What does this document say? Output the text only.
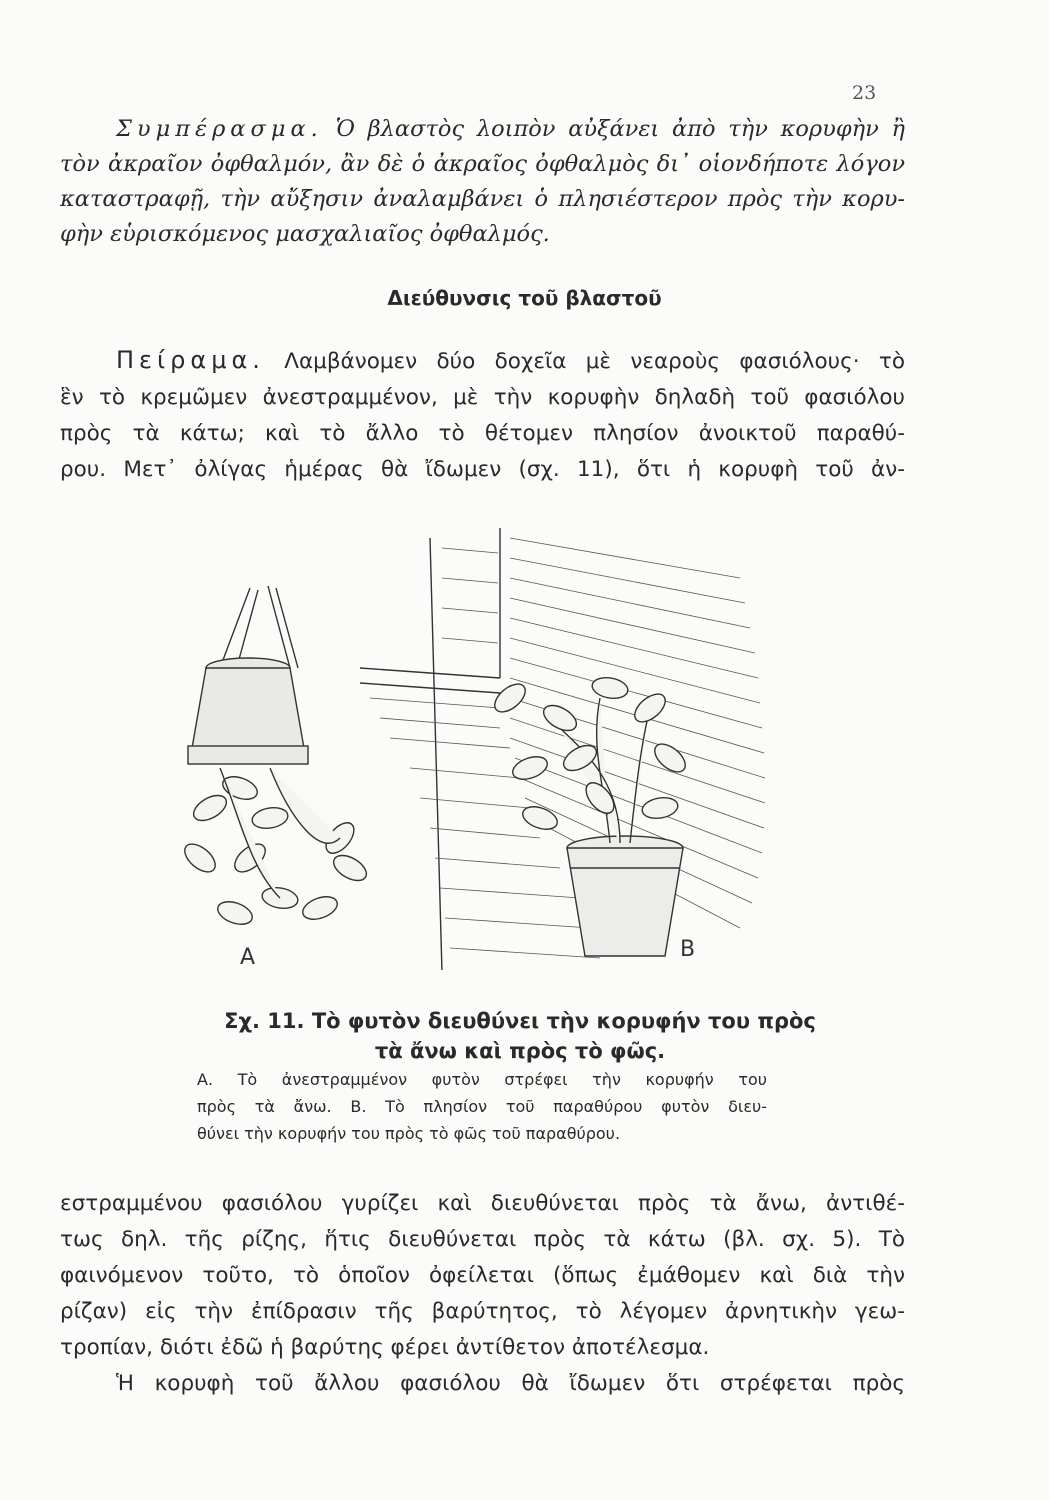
23
Συμπέρασμα. Ὁ βλαστὸς λοιπὸν αὐξάνει ἀπὸ τὴν κορυφὴν ἢ
τὸν ἀκραῖον ὀφθαλμόν, ἂν δὲ ὁ ἀκραῖος ὀφθαλμὸς δι᾽ οἱονδήποτε λόγον
καταστραφῇ, τὴν αὔξησιν ἀναλαμβάνει ὁ πλησιέστερον πρὸς τὴν κορυ-
φὴν εὑρισκόμενος μασχαλιαῖος ὀφθαλμός.
Διεύθυνσις τοῦ βλαστοῦ
Πείραμα. Λαμβάνομεν δύο δοχεῖα μὲ νεαροὺς φασιόλους· τὸ
ἓν τὸ κρεμῶμεν ἀνεστραμμένον, μὲ τὴν κορυφὴν δηλαδὴ τοῦ φασιόλου
πρὸς τὰ κάτω; καὶ τὸ ἄλλο τὸ θέτομεν πλησίον ἀνοικτοῦ παραθύ-
ρου. Μετ᾽ ὀλίγας ἡμέρας θὰ ἴδωμεν (σχ. 11), ὅτι ἡ κορυφὴ τοῦ ἀν-
A	B
Σχ. 11. Τὸ φυτὸν διευθύνει τὴν κορυφήν του πρὸς
τὰ ἄνω καὶ πρὸς τὸ φῶς.
Α. Τὸ ἀνεστραμμένον φυτὸν στρέφει τὴν κορυφήν του
πρὸς τὰ ἄνω. Β. Τὸ πλησίον τοῦ παραθύρου φυτὸν διευ-
θύνει τὴν κορυφήν του πρὸς τὸ φῶς τοῦ παραθύρου.
εστραμμένου φασιόλου γυρίζει καὶ διευθύνεται πρὸς τὰ ἄνω, ἀντιθέ-
τως δηλ. τῆς ρίζης, ἥτις διευθύνεται πρὸς τὰ κάτω (βλ. σχ. 5). Τὸ
φαινόμενον τοῦτο, τὸ ὁποῖον ὀφείλεται (ὅπως ἐμάθομεν καὶ διὰ τὴν
ρίζαν) εἰς τὴν ἐπίδρασιν τῆς βαρύτητος, τὸ λέγομεν ἀρνητικὴν γεω-
τροπίαν, διότι ἐδῶ ἡ βαρύτης φέρει ἀντίθετον ἀποτέλεσμα.
Ἡ κορυφὴ τοῦ ἄλλου φασιόλου θὰ ἴδωμεν ὅτι στρέφεται πρὸς
